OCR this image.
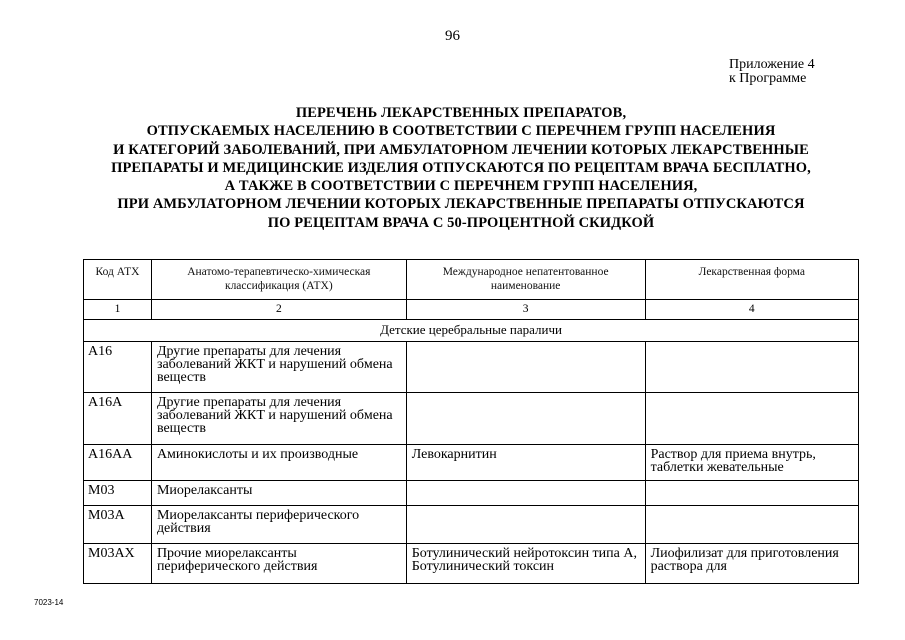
96
Приложение 4
к Программе
ПЕРЕЧЕНЬ ЛЕКАРСТВЕННЫХ ПРЕПАРАТОВ,
ОТПУСКАЕМЫХ НАСЕЛЕНИЮ В СООТВЕТСТВИИ С ПЕРЕЧНЕМ ГРУПП НАСЕЛЕНИЯ
И КАТЕГОРИЙ ЗАБОЛЕВАНИЙ, ПРИ АМБУЛАТОРНОМ ЛЕЧЕНИИ КОТОРЫХ ЛЕКАРСТВЕННЫЕ
ПРЕПАРАТЫ И МЕДИЦИНСКИЕ ИЗДЕЛИЯ ОТПУСКАЮТСЯ ПО РЕЦЕПТАМ ВРАЧА БЕСПЛАТНО,
А ТАКЖЕ В СООТВЕТСТВИИ С ПЕРЕЧНЕМ ГРУПП НАСЕЛЕНИЯ,
ПРИ АМБУЛАТОРНОМ ЛЕЧЕНИИ КОТОРЫХ ЛЕКАРСТВЕННЫЕ ПРЕПАРАТЫ ОТПУСКАЮТСЯ
ПО РЕЦЕПТАМ ВРАЧА С 50-ПРОЦЕНТНОЙ СКИДКОЙ
Код АТХ	Анатомо-терапевтическо-химическая классификация (АТХ)	Международное непатентованное наименование	Лекарственная форма
1	2	3	4
Детские церебральные параличи			
A16	Другие препараты для лечения заболеваний ЖКТ и нарушений обмена веществ		
A16A	Другие препараты для лечения заболеваний ЖКТ и нарушений обмена веществ		
A16AA	Аминокислоты и их производные	Левокарнитин	Раствор для приема внутрь, таблетки жевательные
M03	Миорелаксанты		
M03A	Миорелаксанты периферического действия		
M03AX	Прочие миорелаксанты периферического действия	Ботулинический нейротоксин типа А, Ботулинический токсин	Лиофилизат для приготовления раствора для
7023-14
